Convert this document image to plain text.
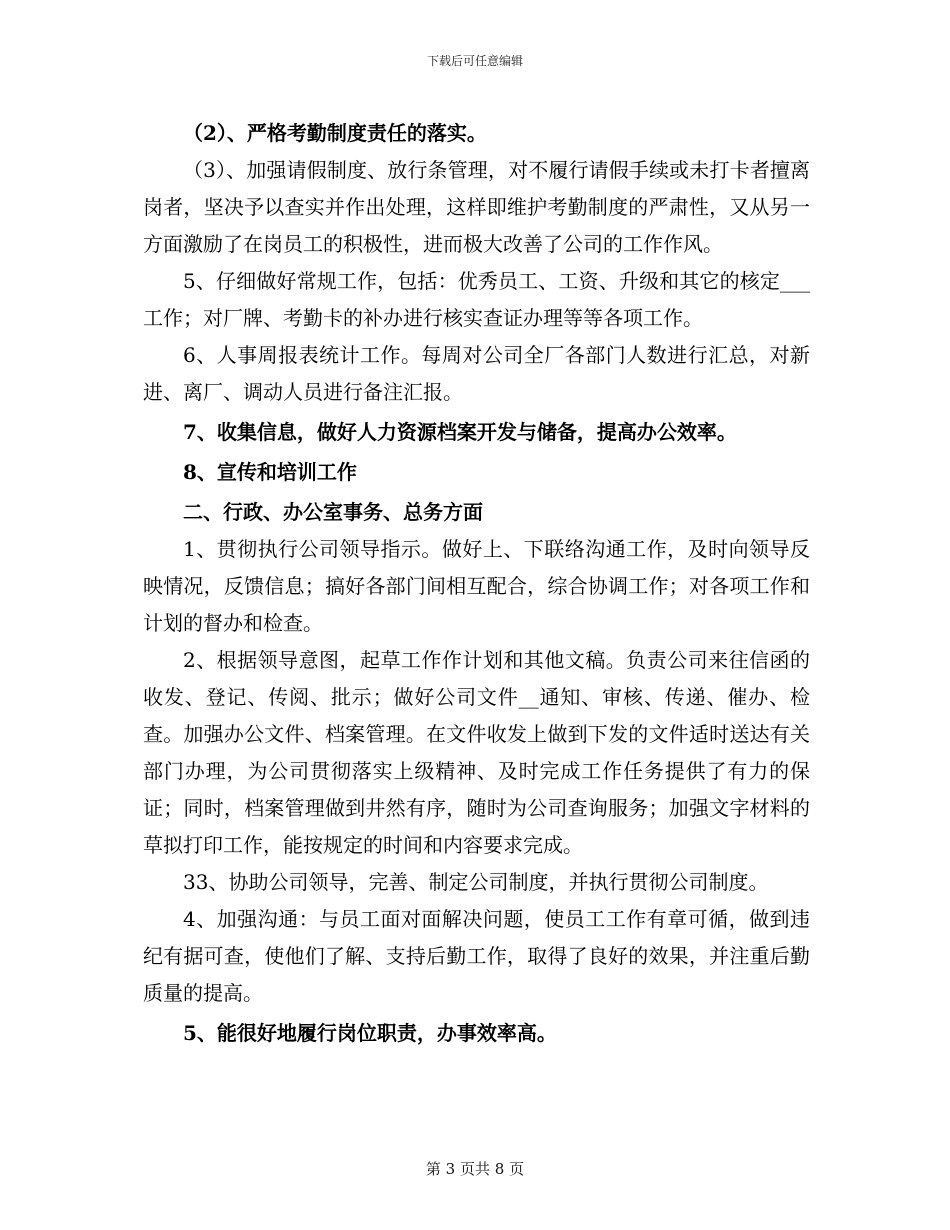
下载后可任意编辑

（2）、严格考勤制度责任的落实。

（3）、加强请假制度、放行条管理，对不履行请假手续或未打卡者擅离岗者，坚决予以查实并作出处理，这样即维护考勤制度的严肃性，又从另一方面激励了在岗员工的积极性，进而极大改善了公司的工作作风。

5、仔细做好常规工作，包括：优秀员工、工资、升级和其它的核定___工作；对厂牌、考勤卡的补办进行核实查证办理等等各项工作。

6、人事周报表统计工作。每周对公司全厂各部门人数进行汇总，对新进、离厂、调动人员进行备注汇报。

7、收集信息，做好人力资源档案开发与储备，提高办公效率。

8、宣传和培训工作

二、行政、办公室事务、总务方面

1、贯彻执行公司领导指示。做好上、下联络沟通工作，及时向领导反映情况，反馈信息；搞好各部门间相互配合，综合协调工作；对各项工作和计划的督办和检查。

2、根据领导意图，起草工作作计划和其他文稿。负责公司来往信函的收发、登记、传阅、批示；做好公司文件__通知、审核、传递、催办、检查。加强办公文件、档案管理。在文件收发上做到下发的文件适时送达有关部门办理，为公司贯彻落实上级精神、及时完成工作任务提供了有力的保证；同时，档案管理做到井然有序，随时为公司查询服务；加强文字材料的草拟打印工作，能按规定的时间和内容要求完成。

33、协助公司领导，完善、制定公司制度，并执行贯彻公司制度。

4、加强沟通：与员工面对面解决问题，使员工工作有章可循，做到违纪有据可查，使他们了解、支持后勤工作，取得了良好的效果，并注重后勤质量的提高。

5、能很好地履行岗位职责，办事效率高。

第 3 页共 8 页
